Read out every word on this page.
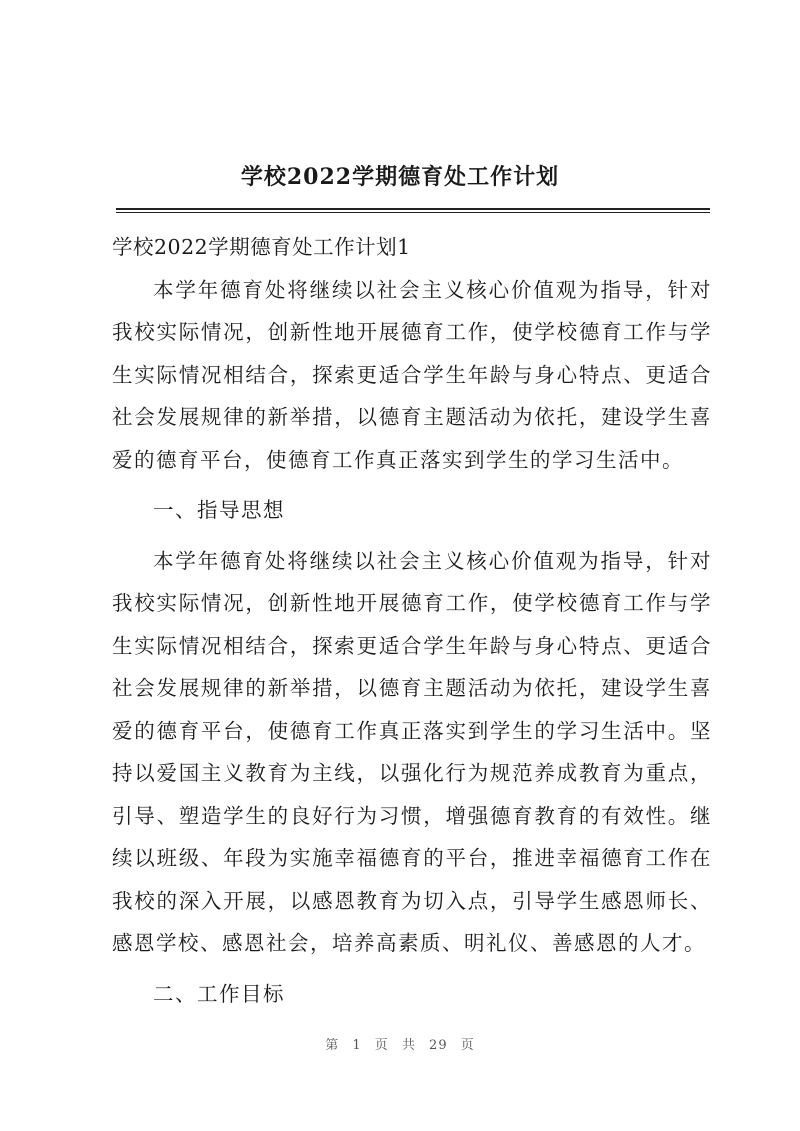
学校2022学期德育处工作计划

学校2022学期德育处工作计划1

本学年德育处将继续以社会主义核心价值观为指导，针对我校实际情况，创新性地开展德育工作，使学校德育工作与学生实际情况相结合，探索更适合学生年龄与身心特点、更适合社会发展规律的新举措，以德育主题活动为依托，建设学生喜爱的德育平台，使德育工作真正落实到学生的学习生活中。

一、指导思想

本学年德育处将继续以社会主义核心价值观为指导，针对我校实际情况，创新性地开展德育工作，使学校德育工作与学生实际情况相结合，探索更适合学生年龄与身心特点、更适合社会发展规律的新举措，以德育主题活动为依托，建设学生喜爱的德育平台，使德育工作真正落实到学生的学习生活中。坚持以爱国主义教育为主线，以强化行为规范养成教育为重点，引导、塑造学生的良好行为习惯，增强德育教育的有效性。继续以班级、年段为实施幸福德育的平台，推进幸福德育工作在我校的深入开展，以感恩教育为切入点，引导学生感恩师长、感恩学校、感恩社会，培养高素质、明礼仪、善感恩的人才。

二、工作目标

第 1 页 共 29 页
